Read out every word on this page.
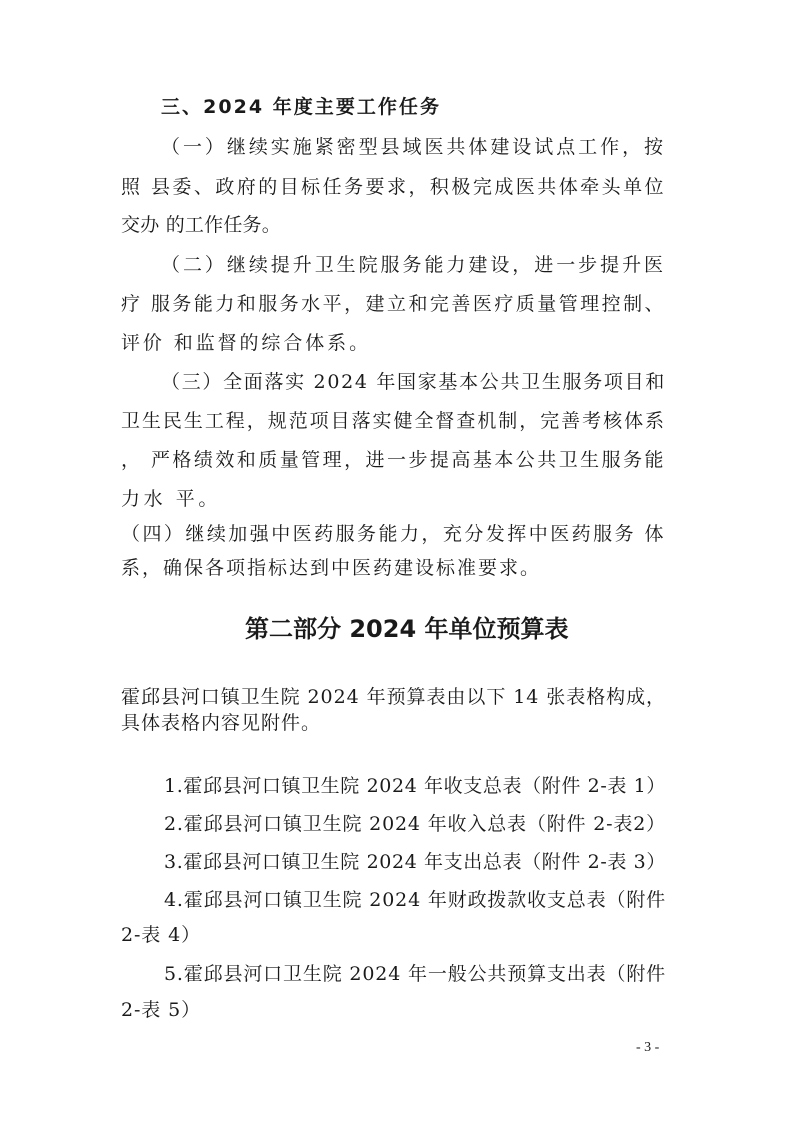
三、2024 年度主要工作任务
（一）继续实施紧密型县域医共体建设试点工作，按
照 县委、政府的目标任务要求，积极完成医共体牵头单位
交办 的工作任务。
（二）继续提升卫生院服务能力建设，进一步提升医
疗 服务能力和服务水平，建立和完善医疗质量管理控制、
评价 和监督的综合体系。
（三）全面落实 2024 年国家基本公共卫生服务项目和
卫生民生工程，规范项目落实健全督查机制，完善考核体系
， 严格绩效和质量管理，进一步提高基本公共卫生服务能
力水 平。
（四）继续加强中医药服务能力，充分发挥中医药服务 体
系，确保各项指标达到中医药建设标准要求。
第二部分 2024 年单位预算表
霍邱县河口镇卫生院 2024 年预算表由以下 14 张表格构成，
具体表格内容见附件。
1.霍邱县河口镇卫生院 2024 年收支总表（附件 2-表 1）
2.霍邱县河口镇卫生院 2024 年收入总表（附件 2-表2）
3.霍邱县河口镇卫生院 2024 年支出总表（附件 2-表 3）
4.霍邱县河口镇卫生院 2024 年财政拨款收支总表（附件
2-表 4）
5.霍邱县河口卫生院 2024 年一般公共预算支出表（附件
2-表 5）
- 3 -
